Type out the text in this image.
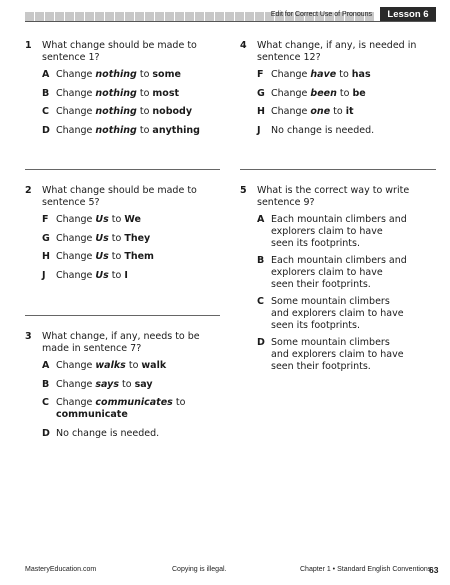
Edit for Correct Use of Pronouns	Lesson 6
1 What change should be made to sentence 1?
A Change nothing to some
B Change nothing to most
C Change nothing to nobody
D Change nothing to anything
2 What change should be made to sentence 5?
F Change Us to We
G Change Us to They
H Change Us to Them
J Change Us to I
3 What change, if any, needs to be made in sentence 7?
A Change walks to walk
B Change says to say
C Change communicates to communicate
D No change is needed.
4 What change, if any, is needed in sentence 12?
F Change have to has
G Change been to be
H Change one to it
J No change is needed.
5 What is the correct way to write sentence 9?
A Each mountain climbers and explorers claim to have seen its footprints.
B Each mountain climbers and explorers claim to have seen their footprints.
C Some mountain climbers and explorers claim to have seen its footprints.
D Some mountain climbers and explorers claim to have seen their footprints.
MasteryEducation.com	Copying is illegal.	Chapter 1 • Standard English Conventions
63
